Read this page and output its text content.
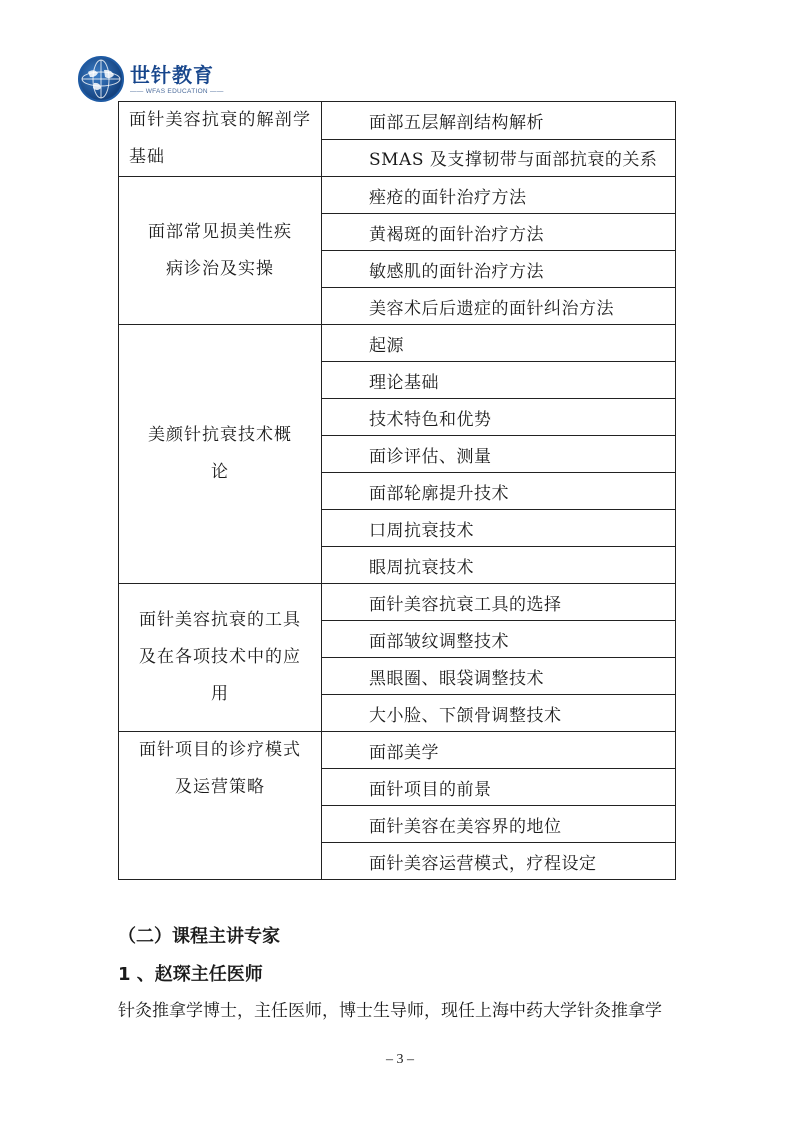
世针教育
—— WFAS EDUCATION ——
面针美容抗衰的解剖学基础	面部五层解剖结构解析
	SMAS 及支撑韧带与面部抗衰的关系
面部常见损美性疾病诊治及实操	痤疮的面针治疗方法
	黄褐斑的面针治疗方法
	敏感肌的面针治疗方法
	美容术后后遗症的面针纠治方法
美颜针抗衰技术概论	起源
	理论基础
	技术特色和优势
	面诊评估、测量
	面部轮廓提升技术
	口周抗衰技术
	眼周抗衰技术
面针美容抗衰的工具及在各项技术中的应用	面针美容抗衰工具的选择
	面部皱纹调整技术
	黑眼圈、眼袋调整技术
	大小脸、下颌骨调整技术
面针项目的诊疗模式及运营策略	面部美学
	面针项目的前景
	面针美容在美容界的地位
	面针美容运营模式，疗程设定
（二）课程主讲专家
1 、赵琛主任医师
针灸推拿学博士，主任医师，博士生导师，现任上海中药大学针灸推拿学
– 3 –
